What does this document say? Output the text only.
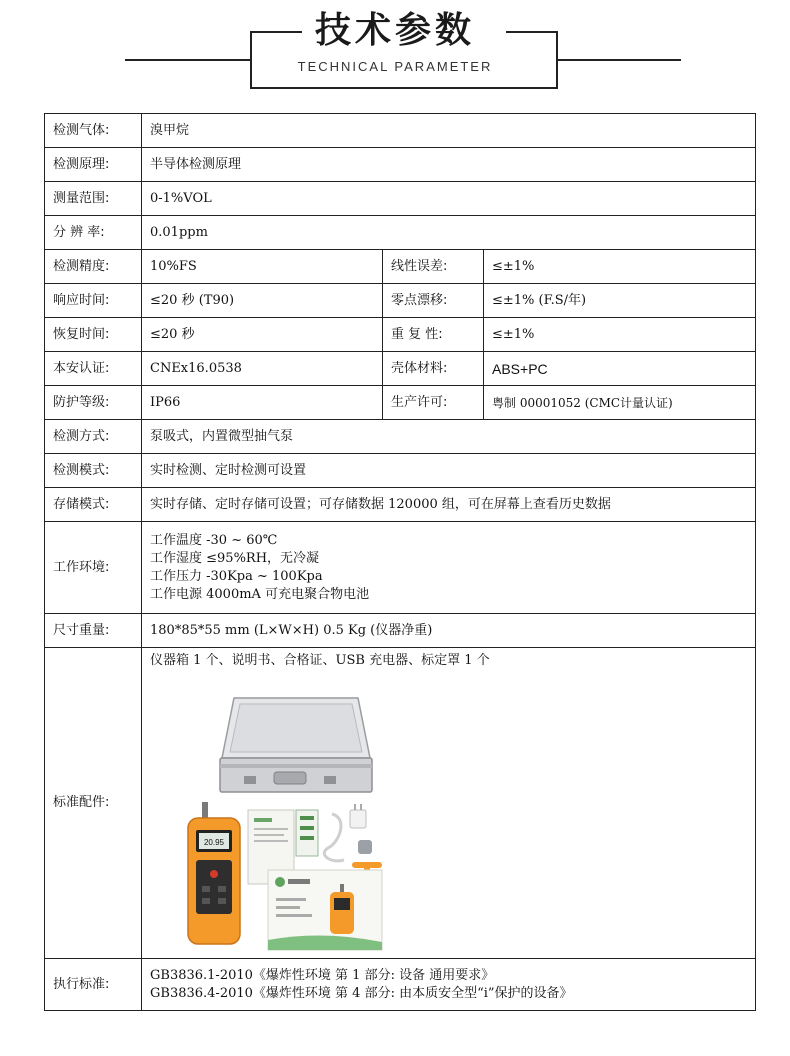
技术参数
TECHNICAL PARAMETER
检测气体:	溴甲烷		
检测原理:	半导体检测原理		
测量范围:	0-1%VOL		
分 辨 率:	0.01ppm		
检测精度:	10%FS	线性误差:	≤±1%
响应时间:	≤20 秒 (T90)	零点漂移:	≤±1% (F.S/年)
恢复时间:	≤20 秒	重 复 性:	≤±1%
本安认证:	CNEx16.0538	壳体材料:	ABS+PC
防护等级:	IP66	生产许可:	粤制 00001052 (CMC计量认证)
检测方式:	泵吸式，内置微型抽气泵		
检测模式:	实时检测、定时检测可设置		
存储模式:	实时存储、定时存储可设置；可存储数据 120000 组，可在屏幕上查看历史数据		
工作环境:	工作温度 -30 ~ 60℃
工作湿度 ≤95%RH，无冷凝
工作压力 -30Kpa ~ 100Kpa
工作电源 4000mA 可充电聚合物电池		

尺寸重量:	180*85*55 mm (L×W×H) 0.5 Kg (仪器净重)		
标准配件:	仪器箱 1 个、说明书、合格证、USB 充电器、标定罩 1 个
20.95		

执行标准:	GB3836.1-2010《爆炸性环境 第 1 部分: 设备 通用要求》
GB3836.4-2010《爆炸性环境 第 4 部分: 由本质安全型“i”保护的设备》		
